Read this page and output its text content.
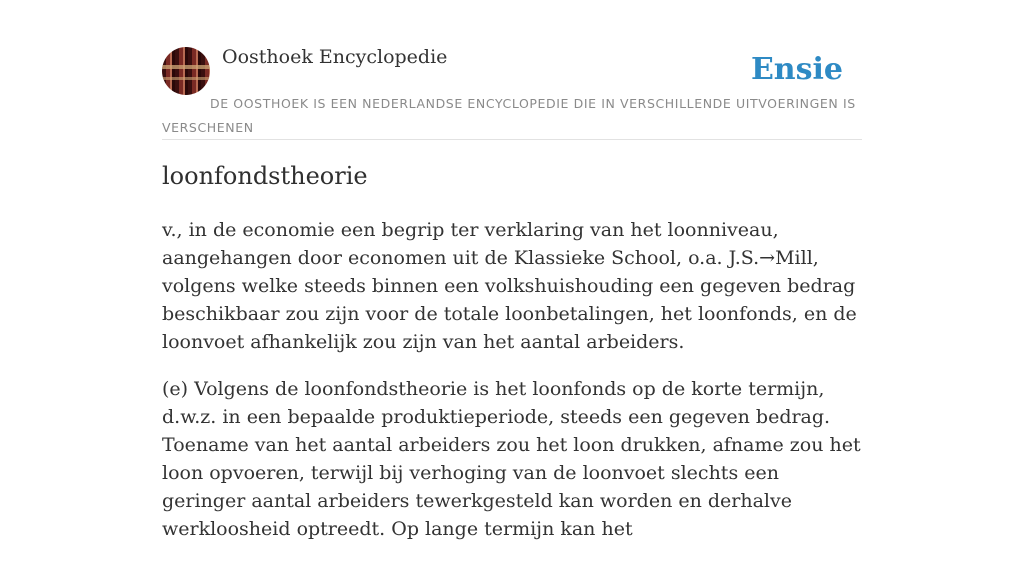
Oosthoek Encyclopedie	Ensie

DE OOSTHOEK IS EEN NEDERLANDSE ENCYCLOPEDIE DIE IN VERSCHILLENDE UITVOERINGEN IS VERSCHENEN

loonfondstheorie

v., in de economie een begrip ter verklaring van het loonniveau, aangehangen door economen uit de Klassieke School, o.a. J.S.→Mill, volgens welke steeds binnen een volkshuishouding een gegeven bedrag beschikbaar zou zijn voor de totale loonbetalingen, het loonfonds, en de loonvoet afhankelijk zou zijn van het aantal arbeiders.

(e) Volgens de loonfondstheorie is het loonfonds op de korte termijn, d.w.z. in een bepaalde produktieperiode, steeds een gegeven bedrag. Toename van het aantal arbeiders zou het loon drukken, afname zou het loon opvoeren, terwijl bij verhoging van de loonvoet slechts een geringer aantal arbeiders tewerkgesteld kan worden en derhalve werkloosheid optreedt. Op lange termijn kan het
